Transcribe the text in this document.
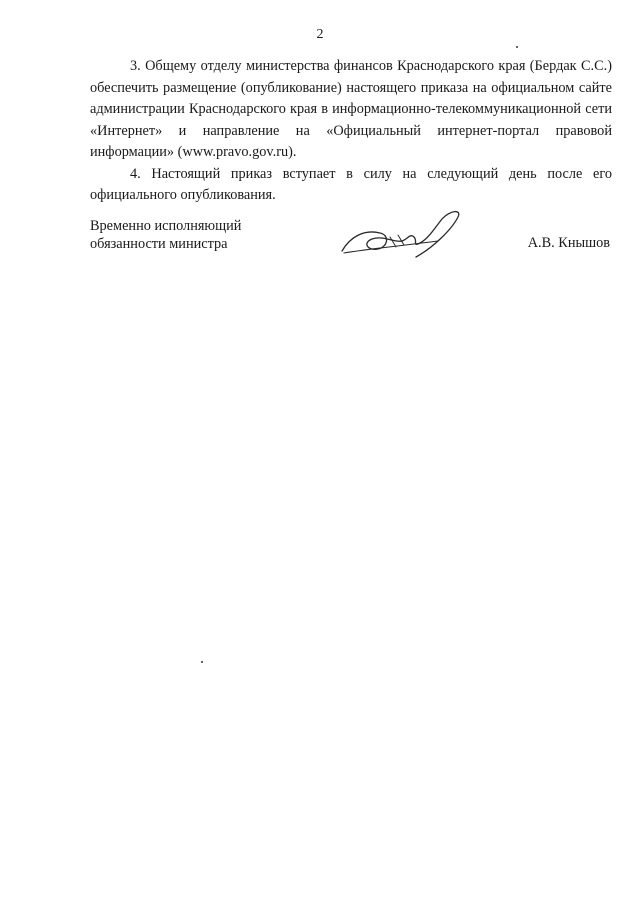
2

3. Общему отделу министерства финансов Краснодарского края (Бердак С.С.) обеспечить размещение (опубликование) настоящего приказа на официальном сайте администрации Краснодарского края в информационно-телекоммуникационной сети «Интернет» и направление на «Официальный интернет-портал правовой информации» (www.pravo.gov.ru).

4. Настоящий приказ вступает в силу на следующий день после его официального опубликования.

Временно исполняющий
обязанности министра	А.В. Кнышов
